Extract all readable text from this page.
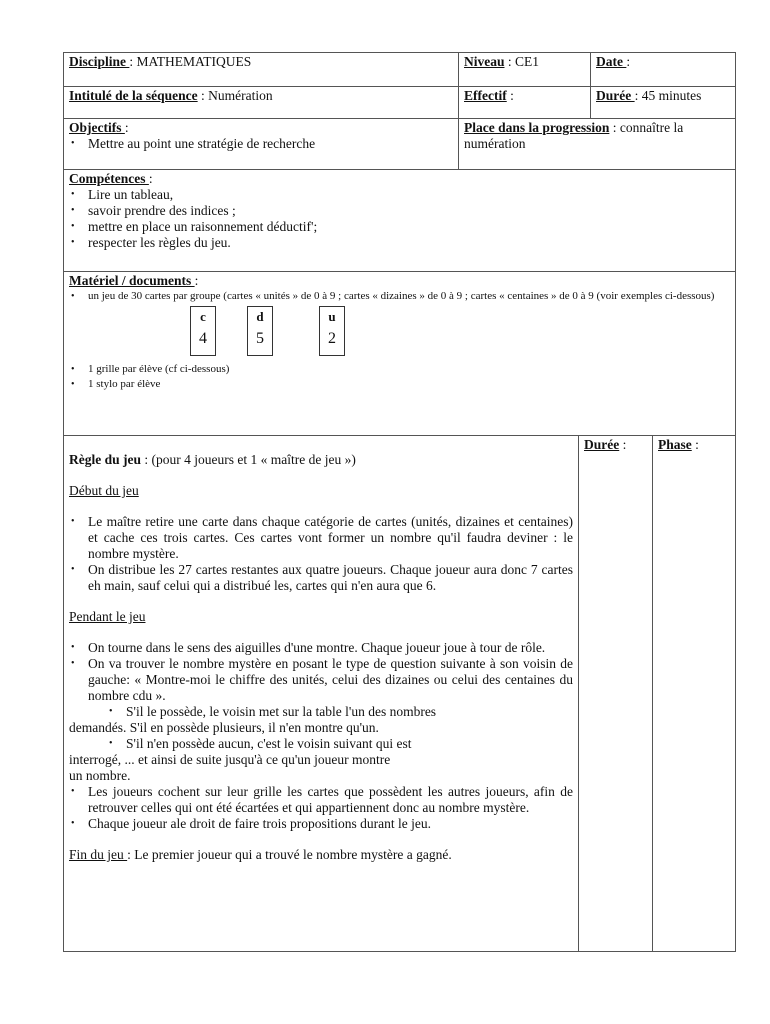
Discipline : MATHEMATIQUES	Niveau : CE1	Date :
Intitulé de la séquence : Numération	Effectif :	Durée : 45 minutes
Objectifs :
• Mettre au point une stratégie de recherche
Place dans la progression : connaître la numération
Compétences :
• Lire un tableau,
• savoir prendre des indices ;
• mettre en place un raisonnement déductif';
• respecter les règles du jeu.
Matériel / documents :
• un jeu de 30 cartes par groupe (cartes « unités » de 0 à 9 ; cartes « dizaines » de 0 à 9 ; cartes « centaines » de 0 à 9 (voir exemples ci-dessous)
c
4
d
5
u
2
• 1 grille par élève (cf ci-dessous)
• 1 stylo par élève
Règle du jeu : (pour 4 joueurs et 1 « maître de jeu »)
Début du jeu
• Le maître retire une carte dans chaque catégorie de cartes (unités, dizaines et centaines) et cache ces trois cartes. Ces cartes vont former un nombre qu'il faudra deviner : le nombre mystère.
• On distribue les 27 cartes restantes aux quatre joueurs. Chaque joueur aura donc 7 cartes eh main, sauf celui qui a distribué les, cartes qui n'en aura que 6.
Pendant le jeu
• On tourne dans le sens des aiguilles d'une montre. Chaque joueur joue à tour de rôle.
• On va trouver le nombre mystère en posant le type de question suivante à son voisin de gauche: « Montre-moi le chiffre des unités, celui des dizaines ou celui des centaines du nombre cdu ».
• S'il le possède, le voisin met sur la table l'un des nombres
demandés. S'il en possède plusieurs, il n'en montre qu'un.
• S'il n'en possède aucun, c'est le voisin suivant qui est
interrogé, ... et ainsi de suite jusqu'à ce qu'un joueur montre
un nombre.
• Les joueurs cochent sur leur grille les cartes que possèdent les autres joueurs, afin de retrouver celles qui ont été écartées et qui appartiennent donc au nombre mystère.
• Chaque joueur ale droit de faire trois propositions durant le jeu.
Fin du jeu : Le premier joueur qui a trouvé le nombre mystère a gagné.
Durée :	Phase :
